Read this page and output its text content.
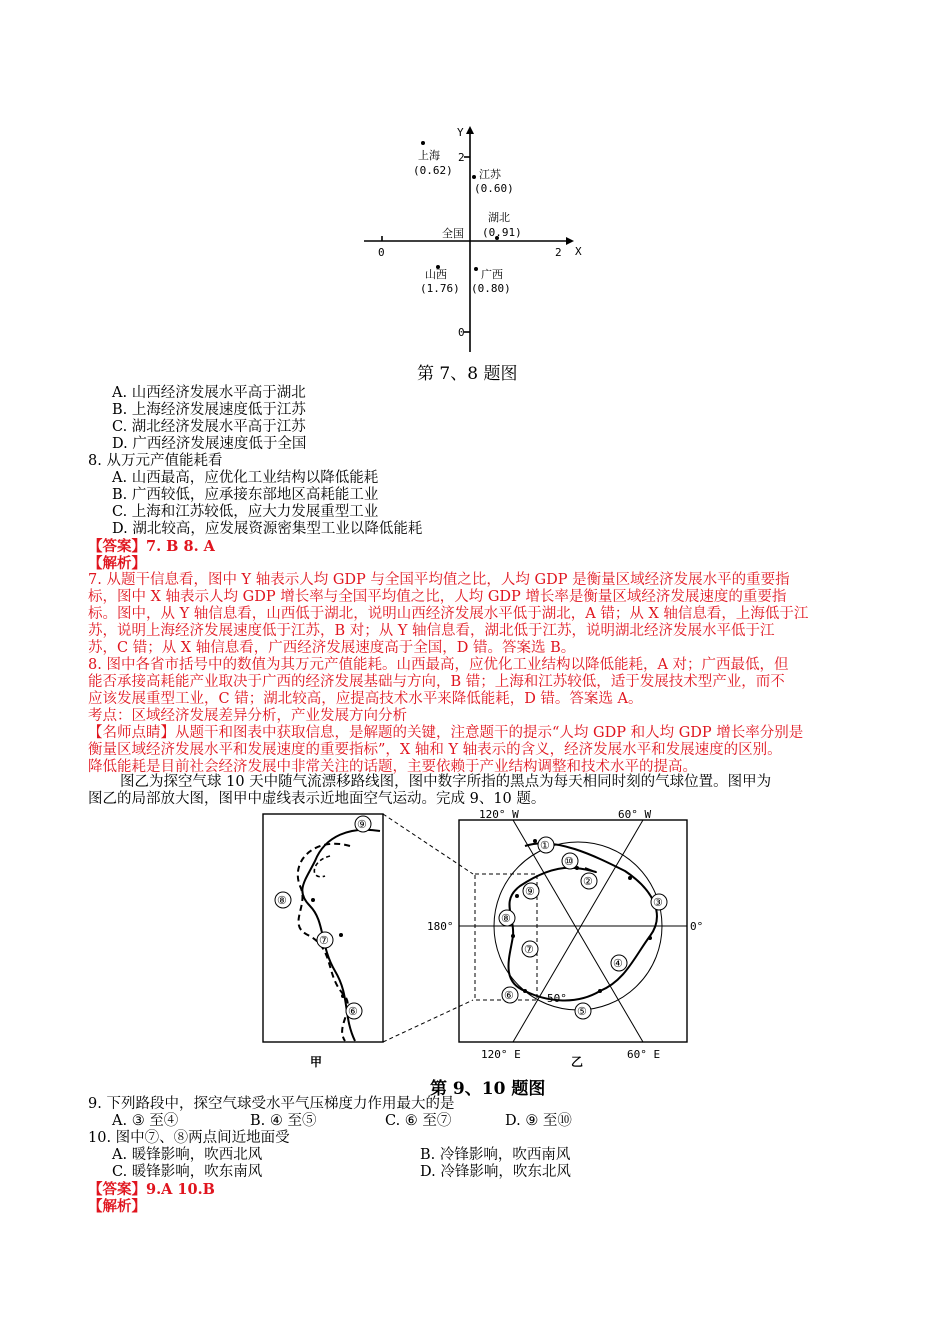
Y
X
2
0
0	2
上海
(0.62) 江苏
(0.60)
湖北
(0.91)
全国
山西
(1.76)
广西
(0.80)
第 7、8 题图
A. 山西经济发展水平高于湖北
B. 上海经济发展速度低于江苏
C. 湖北经济发展水平高于江苏
D. 广西经济发展速度低于全国
8. 从万元产值能耗看
A. 山西最高，应优化工业结构以降低能耗
B. 广西较低，应承接东部地区高耗能工业
C. 上海和江苏较低，应大力发展重型工业
D. 湖北较高，应发展资源密集型工业以降低能耗
【答案】7. B 8. A
【解析】
7. 从题干信息看，图中 Y 轴表示人均 GDP 与全国平均值之比，人均 GDP 是衡量区域经济发展水平的重要指
标，图中 X 轴表示人均 GDP 增长率与全国平均值之比，人均 GDP 增长率是衡量区域经济发展速度的重要指
标。图中，从 Y 轴信息看，山西低于湖北，说明山西经济发展水平低于湖北，A 错；从 X 轴信息看，上海低于江
苏，说明上海经济发展速度低于江苏，B 对；从 Y 轴信息看，湖北低于江苏，说明湖北经济发展水平低于江
苏，C 错；从 X 轴信息看，广西经济发展速度高于全国，D 错。答案选 B。
8. 图中各省市括号中的数值为其万元产值能耗。山西最高，应优化工业结构以降低能耗，A 对；广西最低，但
能否承接高耗能产业取决于广西的经济发展基础与方向，B 错；上海和江苏较低，适于发展技术型产业，而不
应该发展重型工业，C 错；湖北较高，应提高技术水平来降低能耗，D 错。答案选 A。
考点：区域经济发展差异分析，产业发展方向分析
【名师点睛】从题干和图表中获取信息，是解题的关键，注意题干的提示“人均 GDP 和人均 GDP 增长率分别是
衡量区域经济发展水平和发展速度的重要指标”，X 轴和 Y 轴表示的含义，经济发展水平和发展速度的区别。
降低能耗是目前社会经济发展中非常关注的话题，主要依赖于产业结构调整和技术水平的提高。
图乙为探空气球 10 天中随气流漂移路线图，图中数字所指的黑点为每天相同时刻的气球位置。图甲为
图乙的局部放大图，图甲中虚线表示近地面空气运动。完成 9、10 题。
⑨
⑧
⑦
⑥
甲
120° W	60° W
180°	0°
120° E	60° E
50°
①
②
③
④
⑤
⑥
⑦
⑧
⑨
⑩
乙
第 9、10 题图
9. 下列路段中，探空气球受水平气压梯度力作用最大的是
A. ③ 至④	B. ④ 至⑤	C. ⑥ 至⑦	D. ⑨ 至⑩
10. 图中⑦、⑧两点间近地面受
A. 暖锋影响，吹西北风	B. 冷锋影响，吹西南风
C. 暖锋影响，吹东南风	D. 冷锋影响，吹东北风
【答案】9.A 10.B
【解析】
